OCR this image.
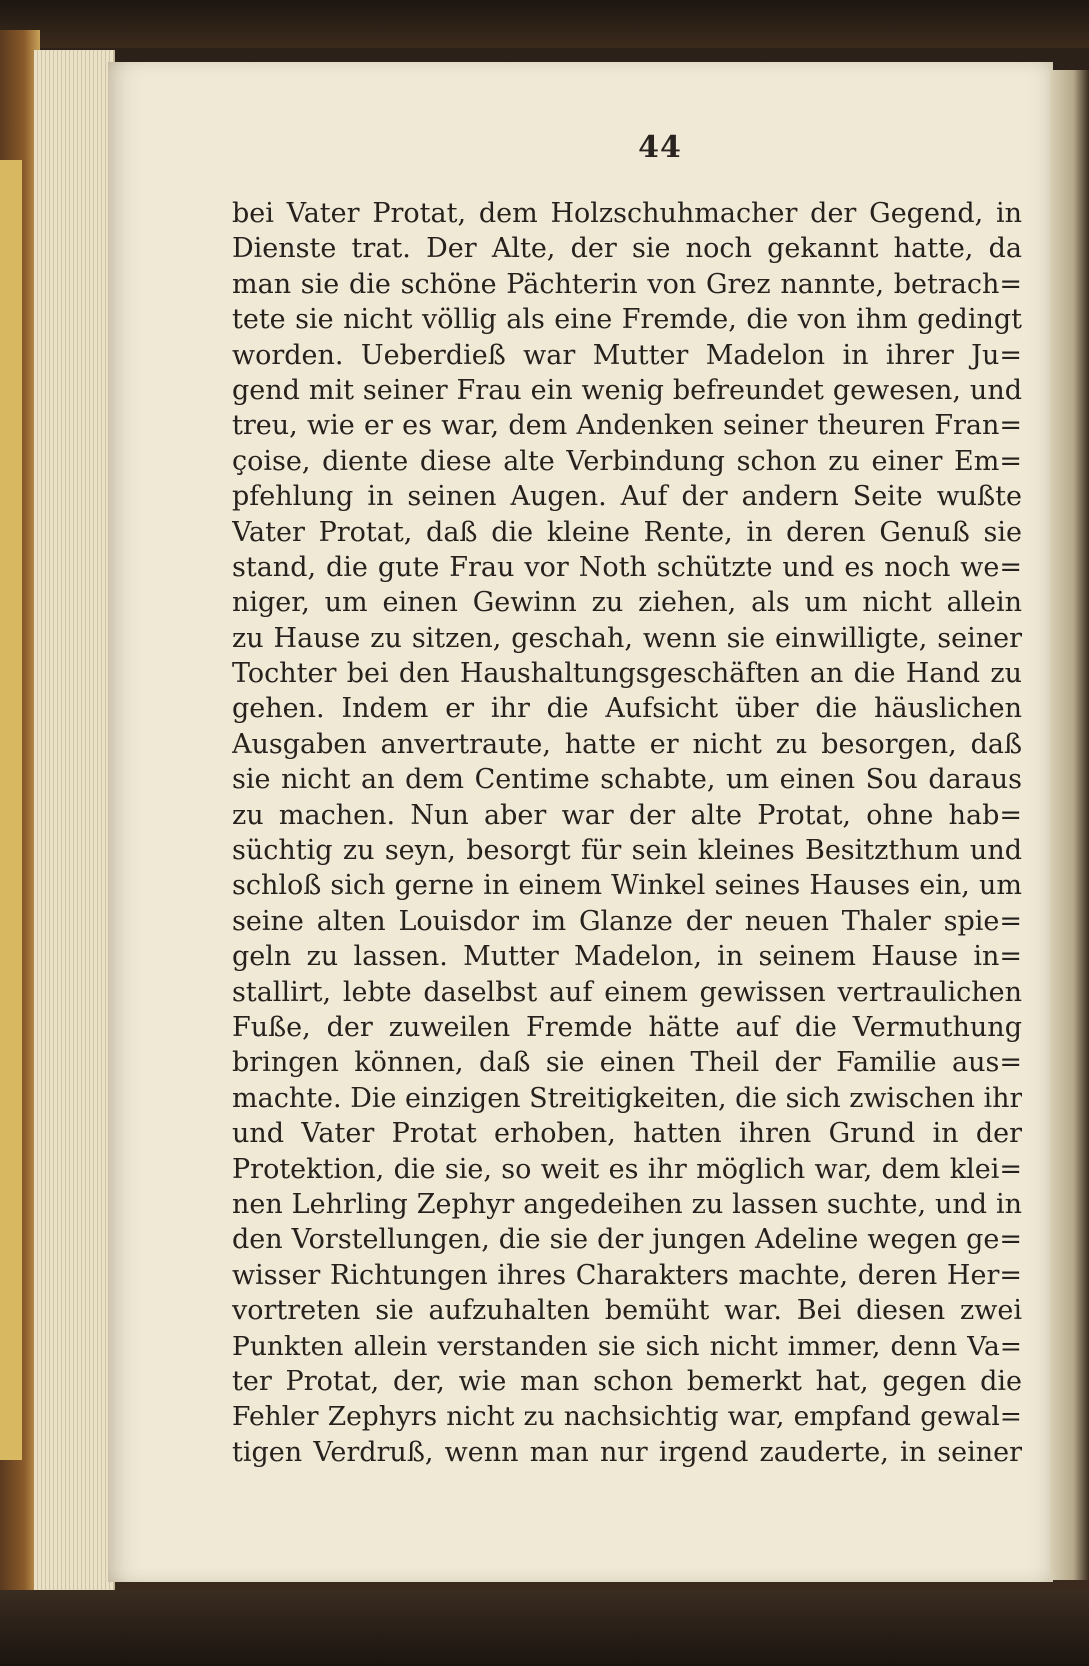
44
bei Vater Protat, dem Holzschuhmacher der Gegend, in
Dienste trat. Der Alte, der sie noch gekannt hatte, da
man sie die schöne Pächterin von Grez nannte, betrach=
tete sie nicht völlig als eine Fremde, die von ihm gedingt
worden. Ueberdieß war Mutter Madelon in ihrer Ju=
gend mit seiner Frau ein wenig befreundet gewesen, und
treu, wie er es war, dem Andenken seiner theuren Fran=
çoise, diente diese alte Verbindung schon zu einer Em=
pfehlung in seinen Augen. Auf der andern Seite wußte
Vater Protat, daß die kleine Rente, in deren Genuß sie
stand, die gute Frau vor Noth schützte und es noch we=
niger, um einen Gewinn zu ziehen, als um nicht allein
zu Hause zu sitzen, geschah, wenn sie einwilligte, seiner
Tochter bei den Haushaltungsgeschäften an die Hand zu
gehen. Indem er ihr die Aufsicht über die häuslichen
Ausgaben anvertraute, hatte er nicht zu besorgen, daß
sie nicht an dem Centime schabte, um einen Sou daraus
zu machen. Nun aber war der alte Protat, ohne hab=
süchtig zu seyn, besorgt für sein kleines Besitzthum und
schloß sich gerne in einem Winkel seines Hauses ein, um
seine alten Louisdor im Glanze der neuen Thaler spie=
geln zu lassen. Mutter Madelon, in seinem Hause in=
stallirt, lebte daselbst auf einem gewissen vertraulichen
Fuße, der zuweilen Fremde hätte auf die Vermuthung
bringen können, daß sie einen Theil der Familie aus=
machte. Die einzigen Streitigkeiten, die sich zwischen ihr
und Vater Protat erhoben, hatten ihren Grund in der
Protektion, die sie, so weit es ihr möglich war, dem klei=
nen Lehrling Zephyr angedeihen zu lassen suchte, und in
den Vorstellungen, die sie der jungen Adeline wegen ge=
wisser Richtungen ihres Charakters machte, deren Her=
vortreten sie aufzuhalten bemüht war. Bei diesen zwei
Punkten allein verstanden sie sich nicht immer, denn Va=
ter Protat, der, wie man schon bemerkt hat, gegen die
Fehler Zephyrs nicht zu nachsichtig war, empfand gewal=
tigen Verdruß, wenn man nur irgend zauderte, in seiner
